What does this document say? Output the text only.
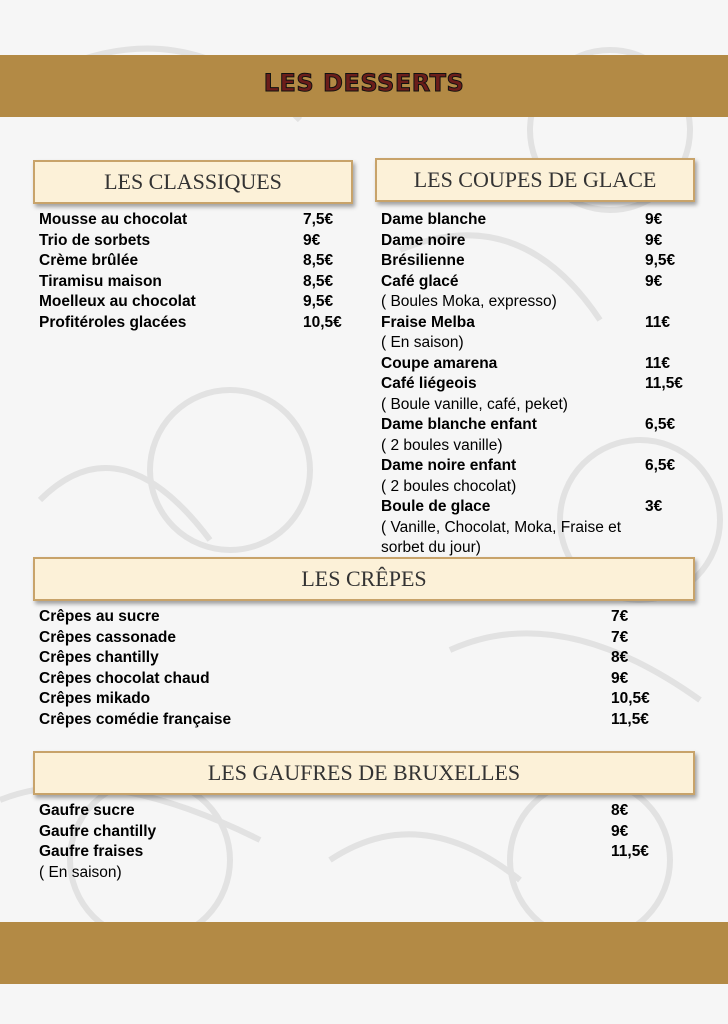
LES DESSERTS
LES CLASSIQUES
Mousse au chocolat	7,5€
Trio de sorbets	9€
Crème brûlée	8,5€
Tiramisu maison	8,5€
Moelleux au chocolat	9,5€
Profitéroles glacées	10,5€
LES COUPES DE GLACE
Dame blanche	9€
Dame noire	9€
Brésilienne	9,5€
Café glacé	9€
( Boules Moka, expresso)
Fraise Melba	11€
( En saison)
Coupe amarena	11€
Café liégeois	11,5€
( Boule vanille, café, peket)
Dame blanche enfant	6,5€
( 2 boules vanille)
Dame noire enfant	6,5€
( 2 boules chocolat)
Boule de glace	3€
( Vanille, Chocolat, Moka, Fraise et
sorbet du jour)
LES CRÊPES
Crêpes au sucre	7€
Crêpes cassonade	7€
Crêpes chantilly	8€
Crêpes chocolat chaud	9€
Crêpes mikado	10,5€
Crêpes comédie française	11,5€
LES GAUFRES DE BRUXELLES
Gaufre sucre	8€
Gaufre chantilly	9€
Gaufre fraises	11,5€
( En saison)
